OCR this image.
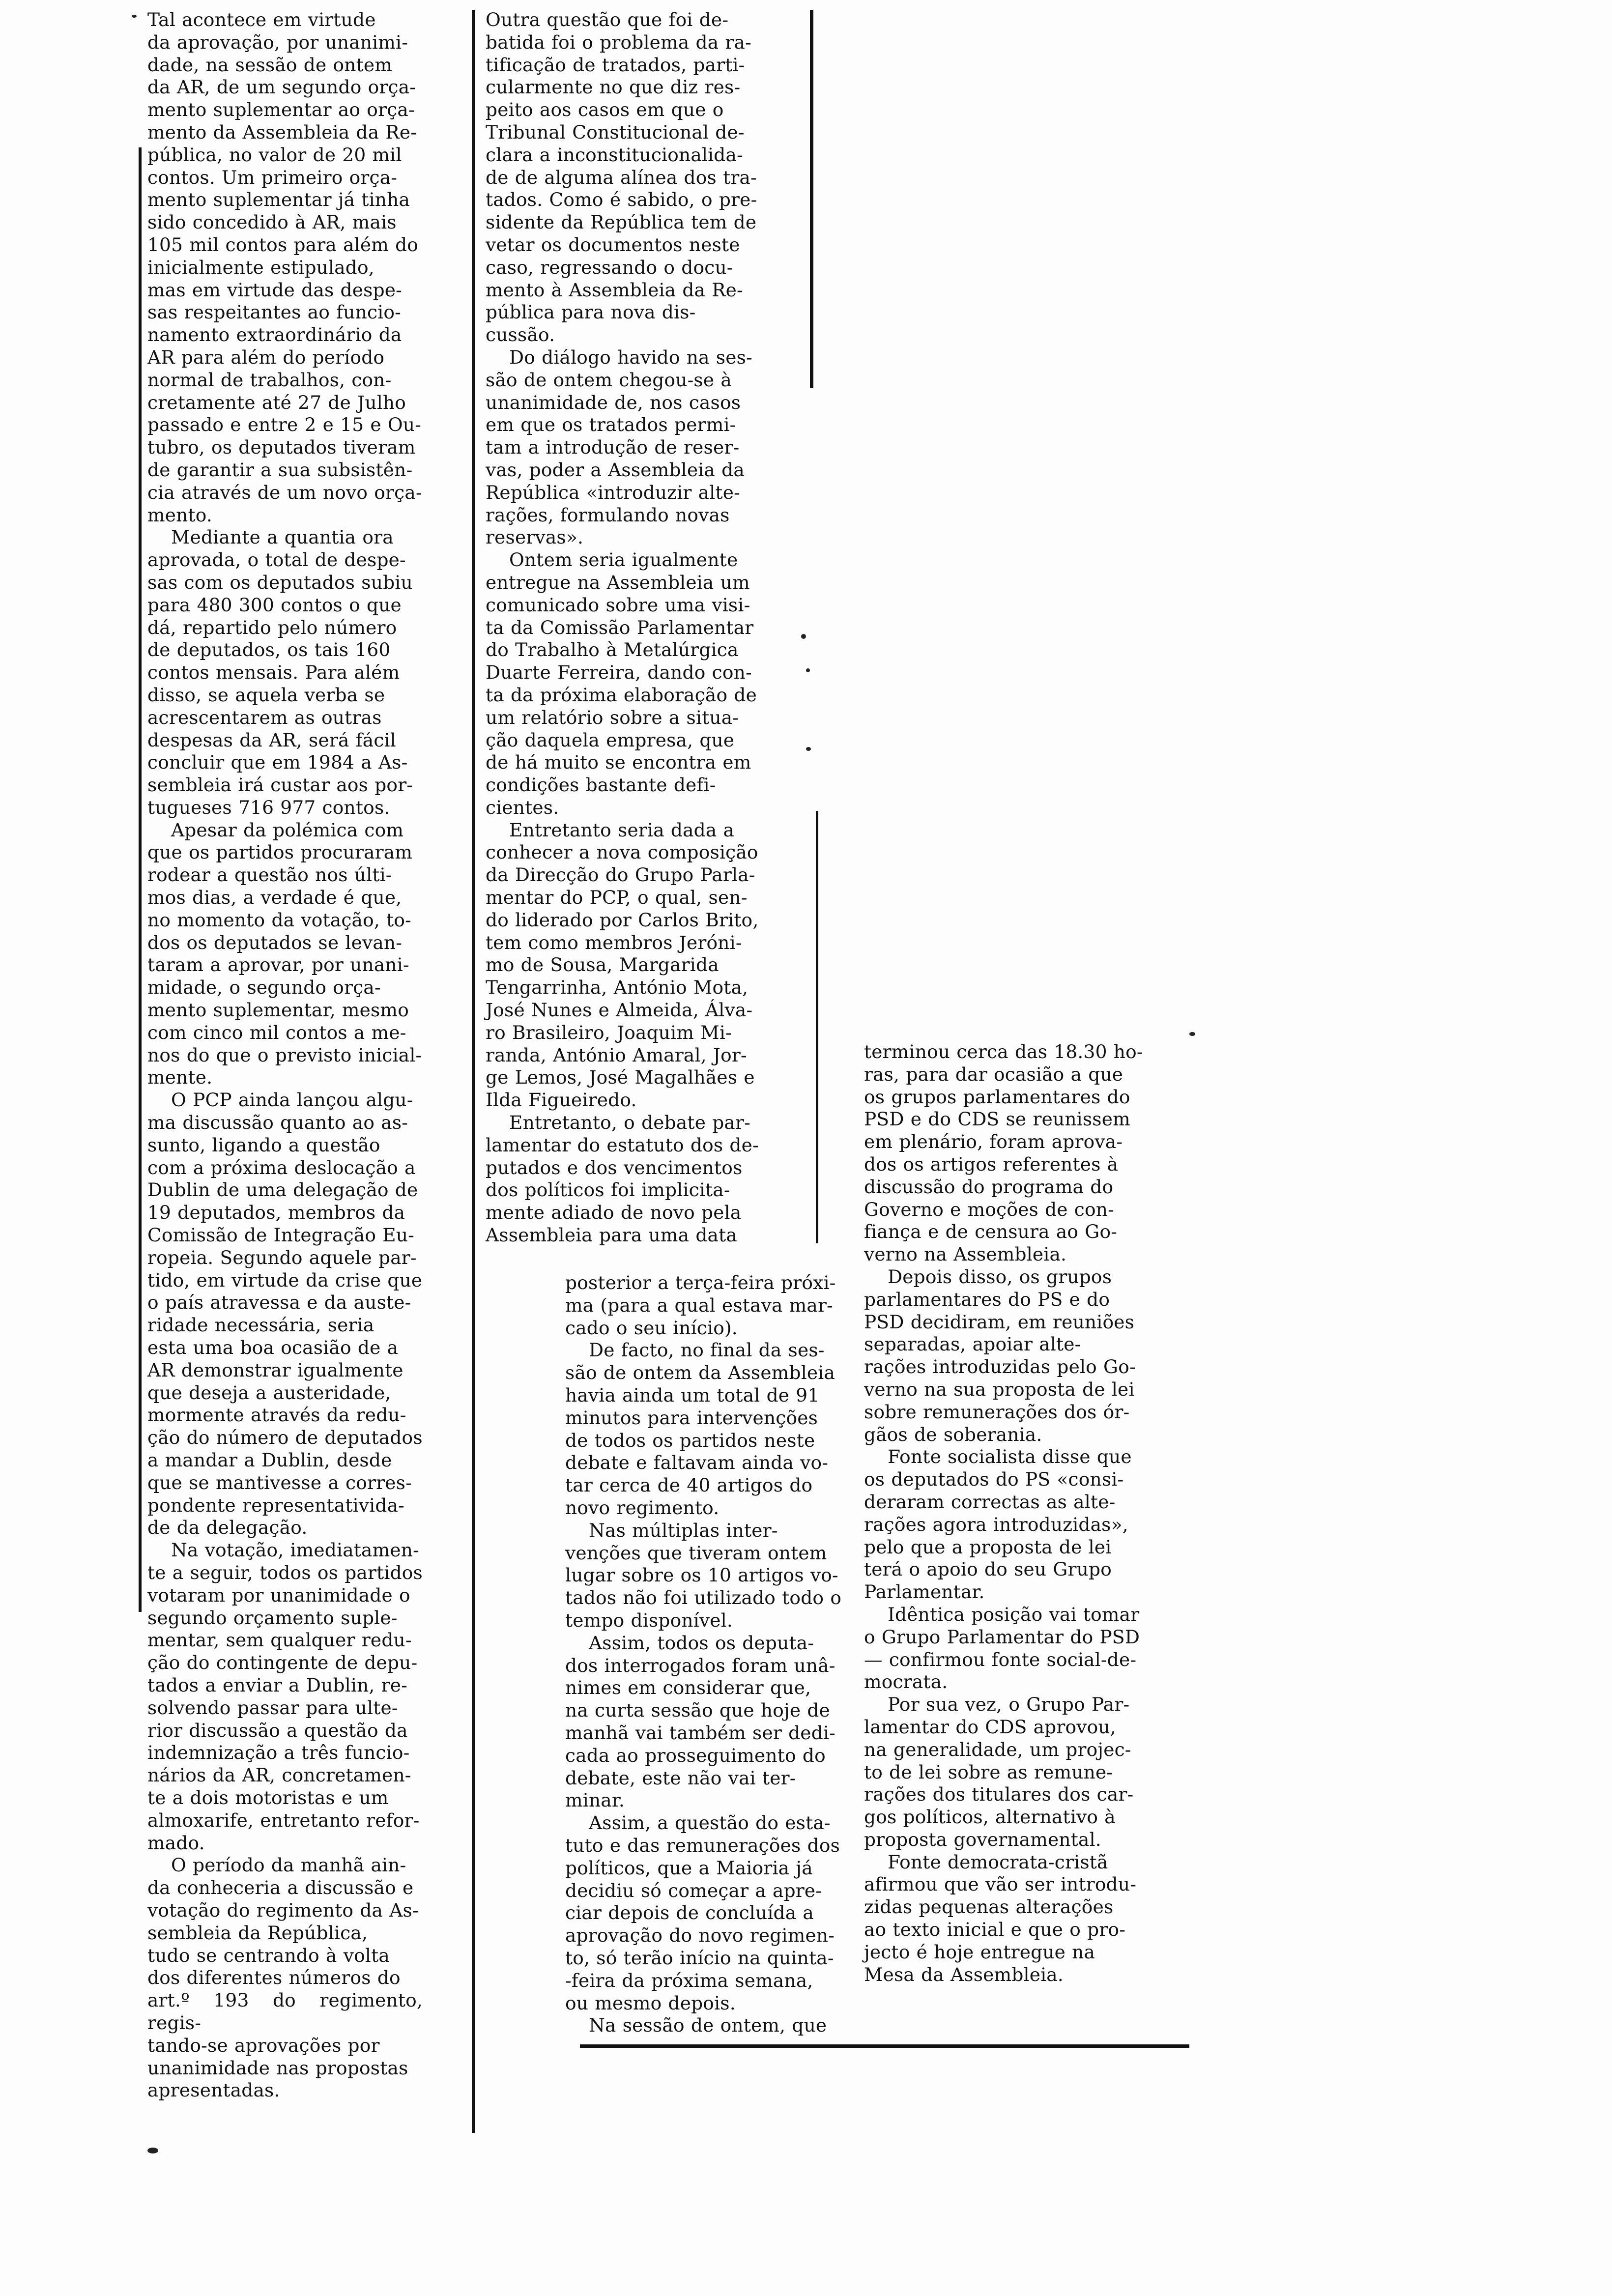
Tal acontece em virtude
da aprovação, por unanimi-
dade, na sessão de ontem
da AR, de um segundo orça-
mento suplementar ao orça-
mento da Assembleia da Re-
pública, no valor de 20 mil
contos. Um primeiro orça-
mento suplementar já tinha
sido concedido à AR, mais
105 mil contos para além do
inicialmente estipulado,
mas em virtude das despe-
sas respeitantes ao funcio-
namento extraordinário da
AR para além do período
normal de trabalhos, con-
cretamente até 27 de Julho
passado e entre 2 e 15 e Ou-
tubro, os deputados tiveram
de garantir a sua subsistên-
cia através de um novo orça-
mento.

Mediante a quantia ora
aprovada, o total de despe-
sas com os deputados subiu
para 480 300 contos o que
dá, repartido pelo número
de deputados, os tais 160
contos mensais. Para além
disso, se aquela verba se
acrescentarem as outras
despesas da AR, será fácil
concluir que em 1984 a As-
sembleia irá custar aos por-
tugueses 716 977 contos.

Apesar da polémica com
que os partidos procuraram
rodear a questão nos últi-
mos dias, a verdade é que,
no momento da votação, to-
dos os deputados se levan-
taram a aprovar, por unani-
midade, o segundo orça-
mento suplementar, mesmo
com cinco mil contos a me-
nos do que o previsto inicial-
mente.

O PCP ainda lançou algu-
ma discussão quanto ao as-
sunto, ligando a questão
com a próxima deslocação a
Dublin de uma delegação de
19 deputados, membros da
Comissão de Integração Eu-
ropeia. Segundo aquele par-
tido, em virtude da crise que
o país atravessa e da auste-
ridade necessária, seria
esta uma boa ocasião de a
AR demonstrar igualmente
que deseja a austeridade,
mormente através da redu-
ção do número de deputados
a mandar a Dublin, desde
que se mantivesse a corres-
pondente representativida-
de da delegação.

Na votação, imediatamen-
te a seguir, todos os partidos
votaram por unanimidade o
segundo orçamento suple-
mentar, sem qualquer redu-
ção do contingente de depu-
tados a enviar a Dublin, re-
solvendo passar para ulte-
rior discussão a questão da
indemnização a três funcio-
nários da AR, concretamen-
te a dois motoristas e um
almoxarife, entretanto refor-
mado.

O período da manhã ain-
da conheceria a discussão e
votação do regimento da As-
sembleia da República,
tudo se centrando à volta
dos diferentes números do
art.º 193 do regimento, regis-
tando-se aprovações por
unanimidade nas propostas
apresentadas.

Outra questão que foi de-
batida foi o problema da ra-
tificação de tratados, parti-
cularmente no que diz res-
peito aos casos em que o
Tribunal Constitucional de-
clara a inconstitucionalida-
de de alguma alínea dos tra-
tados. Como é sabido, o pre-
sidente da República tem de
vetar os documentos neste
caso, regressando o docu-
mento à Assembleia da Re-
pública para nova dis-
cussão.

Do diálogo havido na ses-
são de ontem chegou-se à
unanimidade de, nos casos
em que os tratados permi-
tam a introdução de reser-
vas, poder a Assembleia da
República «introduzir alte-
rações, formulando novas
reservas».

Ontem seria igualmente
entregue na Assembleia um
comunicado sobre uma visi-
ta da Comissão Parlamentar
do Trabalho à Metalúrgica
Duarte Ferreira, dando con-
ta da próxima elaboração de
um relatório sobre a situa-
ção daquela empresa, que
de há muito se encontra em
condições bastante defi-
cientes.

Entretanto seria dada a
conhecer a nova composição
da Direcção do Grupo Parla-
mentar do PCP, o qual, sen-
do liderado por Carlos Brito,
tem como membros Jeróni-
mo de Sousa, Margarida
Tengarrinha, António Mota,
José Nunes e Almeida, Álva-
ro Brasileiro, Joaquim Mi-
randa, António Amaral, Jor-
ge Lemos, José Magalhães e
Ilda Figueiredo.

Entretanto, o debate par-
lamentar do estatuto dos de-
putados e dos vencimentos
dos políticos foi implicita-
mente adiado de novo pela
Assembleia para uma data

posterior a terça-feira próxi-
ma (para a qual estava mar-
cado o seu início).

De facto, no final da ses-
são de ontem da Assembleia
havia ainda um total de 91
minutos para intervenções
de todos os partidos neste
debate e faltavam ainda vo-
tar cerca de 40 artigos do
novo regimento.

Nas múltiplas inter-
venções que tiveram ontem
lugar sobre os 10 artigos vo-
tados não foi utilizado todo o
tempo disponível.

Assim, todos os deputa-
dos interrogados foram unâ-
nimes em considerar que,
na curta sessão que hoje de
manhã vai também ser dedi-
cada ao prosseguimento do
debate, este não vai ter-
minar.

Assim, a questão do esta-
tuto e das remunerações dos
políticos, que a Maioria já
decidiu só começar a apre-
ciar depois de concluída a
aprovação do novo regimen-
to, só terão início na quinta-
-feira da próxima semana,
ou mesmo depois.

Na sessão de ontem, que

terminou cerca das 18.30 ho-
ras, para dar ocasião a que
os grupos parlamentares do
PSD e do CDS se reunissem
em plenário, foram aprova-
dos os artigos referentes à
discussão do programa do
Governo e moções de con-
fiança e de censura ao Go-
verno na Assembleia.

Depois disso, os grupos
parlamentares do PS e do
PSD decidiram, em reuniões
separadas, apoiar alte-
rações introduzidas pelo Go-
verno na sua proposta de lei
sobre remunerações dos ór-
gãos de soberania.

Fonte socialista disse que
os deputados do PS «consi-
deraram correctas as alte-
rações agora introduzidas»,
pelo que a proposta de lei
terá o apoio do seu Grupo
Parlamentar.

Idêntica posição vai tomar
o Grupo Parlamentar do PSD
— confirmou fonte social-de-
mocrata.

Por sua vez, o Grupo Par-
lamentar do CDS aprovou,
na generalidade, um projec-
to de lei sobre as remune-
rações dos titulares dos car-
gos políticos, alternativo à
proposta governamental.

Fonte democrata-cristã
afirmou que vão ser introdu-
zidas pequenas alterações
ao texto inicial e que o pro-
jecto é hoje entregue na
Mesa da Assembleia.
